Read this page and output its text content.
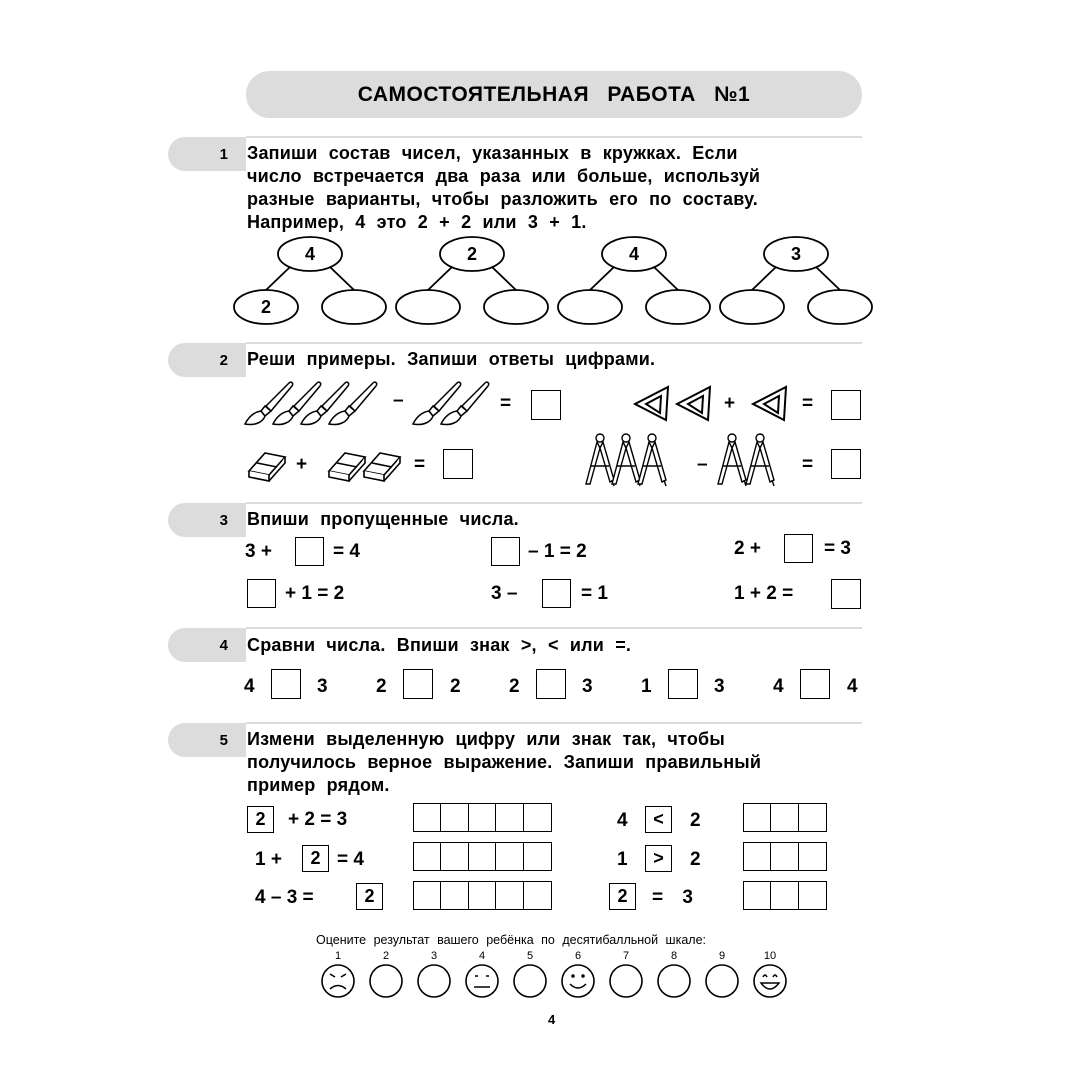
САМОСТОЯТЕЛЬНАЯ РАБОТА №1
1 Запиши состав чисел, указанных в кружках. Если
число встречается два раза или больше, используй
разные варианты, чтобы разложить его по составу.
Например, 4 это 2 + 2 или 3 + 1.
4
2
2	4	3
2 Реши примеры. Запиши ответы цифрами.
–	=	+	=
+	=	–	=
3 Впиши пропущенные числа.
3 +	= 4	– 1 = 2	2 +	= 3
+ 1 = 2	3 –	= 1	1 + 2 =
4 Сравни числа. Впиши знак >, < или =.
4	3	2	2	2	3	1	3	4	4
5 Измени выделенную цифру или знак так, чтобы
получилось верное выражение. Запиши правильный
пример рядом.
2	+ 2 = 3
1 +	2 = 4
4 – 3 =	2
4	<	2
1	>	2
2	= 3
Оцените результат вашего ребёнка по десятибалльной шкале:
1	2	3	4	5	6	7	8	9	10
4
